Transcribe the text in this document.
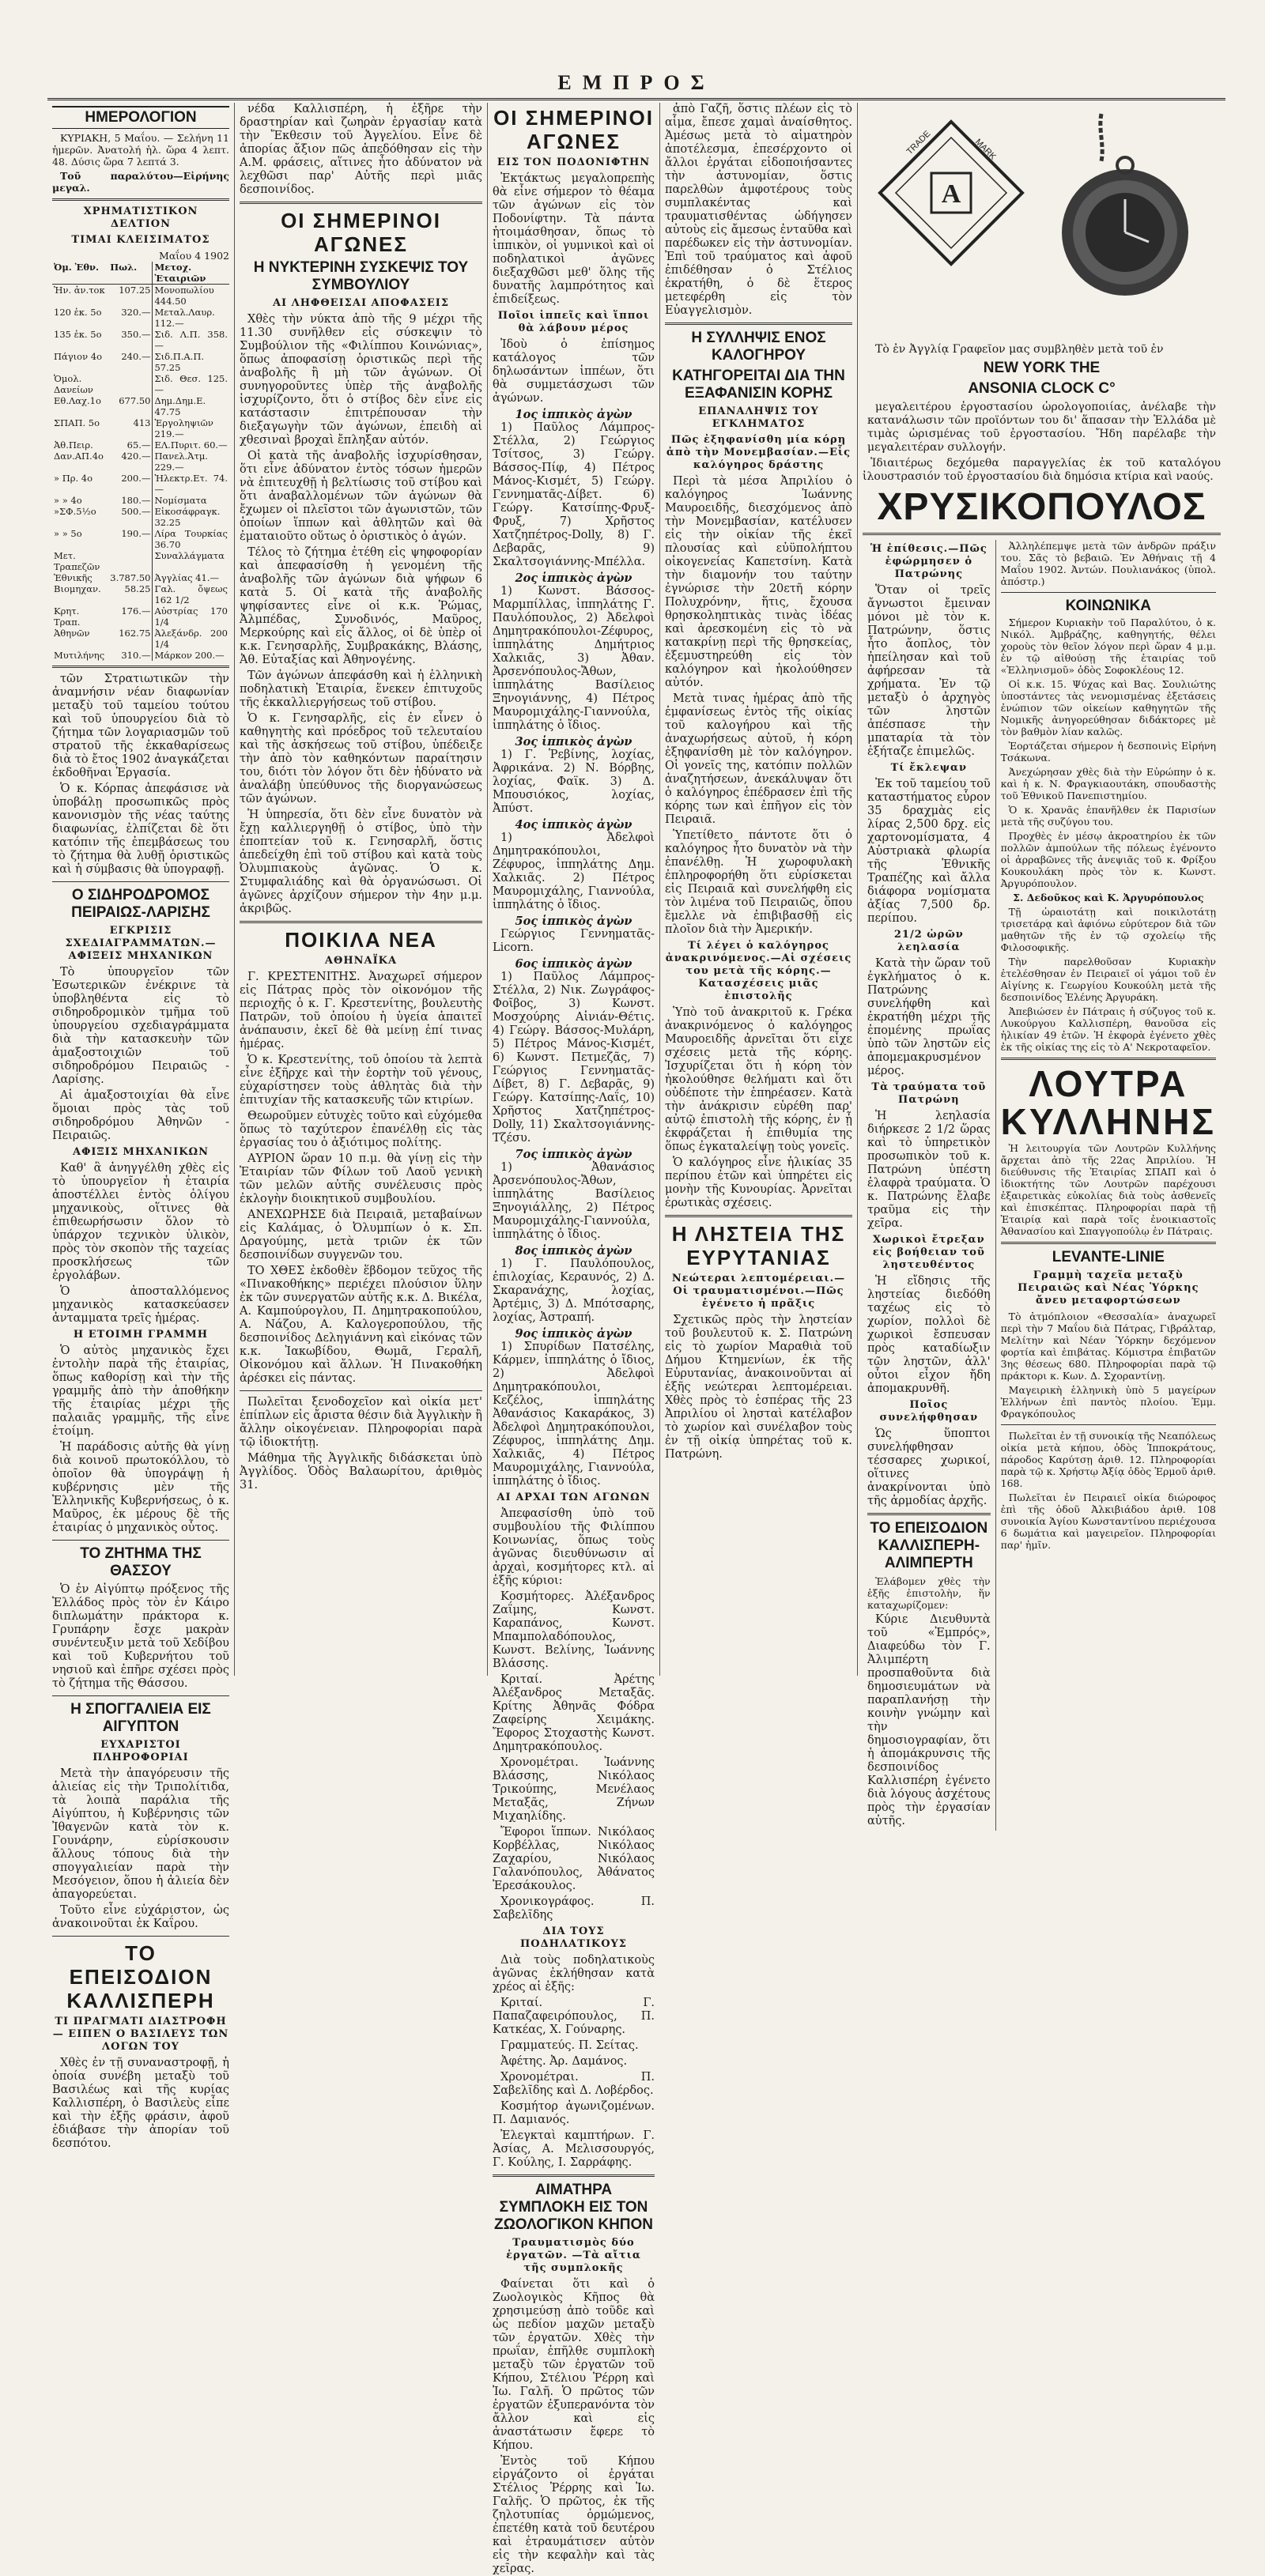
ΕΜΠΡΟΣ
ΗΜΕΡΟΛΟΓΙΟΝ

ΚΥΡΙΑΚΗ, 5 Μαΐου. — Σελήνη 11 ἡμερῶν. Ἀνατολή ἡλ. ὥρα 4 λεπτ. 48. Δύσις ὥρα 7 λεπτά 3.

Τοῦ παραλύτου—Εἰρήνης μεγαλ.

ΧΡΗΜΑΤΙΣΤΙΚΟΝ ΔΕΛΤΙΟΝ
ΤΙΜΑΙ ΚΛΕΙΣΙΜΑΤΟΣ
Μαΐου 4 1902
Ὀμ. Ἐθν.	Πωλ.	Μετοχ. Ἐταιριῶν
Ἠν. ἀν.τοκ	107.25	Μονοπωλίου 444.50
120 ἐκ. 5ο	320.—	Μεταλ.Λαυρ. 112.—
135 ἐκ. 5ο	350.—	Σιδ. Λ.Π. 358.—
Πάγιον 4ο	240.—	Σιδ.Π.Α.Π. 57.25
Ὁμολ. Δανείων		Σιδ. Θεσ. 125.—
Εθ.Λαχ.1ο	677.50	Δημ.Δημ.Ε. 47.75
ΣΠΑΠ. 5ο	413	Ἐργοληψιῶν 219.—
Ἀθ.Πειρ.	65.—	ΕΛ.Πυριτ. 60.—
Δαν.ΑΠ.4ο	420.—	Πανελ.Ἀτμ. 229.—
» Πρ. 4ο	200.—	Ἠλεκτρ.Ετ. 74.—
» » 4ο	180.—	Νομίσματα
»ΣΦ.5½ο	500.—	Εἰκοσάφραγκ. 32.25
» » 5ο	190.—	Λίρα Τουρκίας 36.70
Μετ. Τραπεζῶν		Συναλλάγματα
Ἐθνικῆς	3.787.50	Ἀγγλίας 41.—
Βιομηχαν.	58.25	Γαλ. ὄψεως 162 1/2
Κρητ. Τραπ.	176.—	Αὐστρίας 170 1/4
Ἀθηνῶν	162.75	Ἀλεξάνδρ. 200 1/4
Μυτιλήνης	310.—	Μάρκον 200.—

τῶν Στρατιωτικῶν τὴν ἀναμνήσιν νέαν διαφωνίαν μεταξὺ τοῦ ταμείου τούτου καὶ τοῦ ὑπουργείου διὰ τὸ ζήτημα τῶν λογαριασμῶν τοῦ στρατοῦ τῆς ἐκκαθαρίσεως διὰ τὸ ἔτος 1902 ἀναγκάζεται ἐκδοθῆναι Ἐργασία.

Ὁ κ. Κόρπας ἀπεφάσισε νὰ ὑποβάλῃ προσωπικῶς πρὸς κανονισμὸν τῆς νέας ταύτης διαφωνίας, ἐλπίζεται δὲ ὅτι κατόπιν τῆς ἐπεμβάσεως του τὸ ζήτημα θὰ λυθῇ ὁριστικῶς καὶ ἡ σύμβασις θὰ ὑπογραφῇ.

Ο ΣΙΔΗΡΟΔΡΟΜΟΣ ΠΕΙΡΑΙΩΣ-ΛΑΡΙΣΗΣ
ΕΓΚΡΙΣΙΣ ΣΧΕΔΙΑΓΡΑΜΜΑΤΩΝ.—ΑΦΙΞΕΙΣ ΜΗΧΑΝΙΚΩΝ

Τὸ ὑπουργεῖον τῶν Ἐσωτερικῶν ἐνέκρινε τὰ ὑποβληθέντα εἰς τὸ σιδηροδρομικὸν τμῆμα τοῦ ὑπουργείου σχεδιαγράμματα διὰ τὴν κατασκευὴν τῶν ἀμαξοστοιχιῶν τοῦ σιδηροδρόμου Πειραιῶς - Λαρίσης.

Αἱ ἁμαξοστοιχίαι θὰ εἶνε ὅμοιαι πρὸς τὰς τοῦ σιδηροδρόμου Ἀθηνῶν - Πειραιῶς.

ΑΦΙΞΙΣ ΜΗΧΑΝΙΚΩΝ

Καθ' ἃ ἀνηγγέλθη χθὲς εἰς τὸ ὑπουργεῖον ἡ ἑταιρία ἀποστέλλει ἐντὸς ὀλίγου μηχανικοὺς, οἵτινες θὰ ἐπιθεωρήσωσιν ὅλον τὸ ὑπάρχον τεχνικὸν ὑλικὸν, πρὸς τὸν σκοπὸν τῆς ταχείας προσκλήσεως τῶν ἐργολάβων.

Ὁ ἀποσταλλόμενος μηχανικὸς κατασκεύασεν ἀνταμματα τρεῖς ἡμέρας.

Η ΕΤΟΙΜΗ ΓΡΑΜΜΗ

Ὁ αὐτὸς μηχανικὸς ἔχει ἐντολὴν παρὰ τῆς ἐταιρίας, ὅπως καθορίσῃ καὶ τὴν τῆς γραμμῆς ἀπὸ τὴν ἀποθήκην τῆς ἐταιρίας μέχρι τῆς παλαιᾶς γραμμῆς, τῆς εἶνε ἑτοίμη.

Ἡ παράδοσις αὐτῆς θὰ γίνῃ διὰ κοινοῦ πρωτοκόλλου, τὸ ὁποῖον θὰ ὑπογράψῃ ἡ κυβέρνησις μὲν τῆς Ἑλληνικῆς Κυβερνήσεως, ὁ κ. Μαῦρος, ἐκ μέρους δὲ τῆς ἑταιρίας ὁ μηχανικὸς οὗτος.

ΤΟ ΖΗΤΗΜΑ ΤΗΣ ΘΑΣΣΟΥ

Ὁ ἐν Αἰγύπτῳ πρόξενος τῆς Ἑλλάδος πρὸς τὸν ἐν Κάιρο διπλωμάτην πράκτορα κ. Γρυπάρην ἔσχε μακρὰν συνέντευξιν μετὰ τοῦ Χεδίβου καὶ τοῦ Κυβερνήτου τοῦ νησιοῦ καὶ ἐπῆρε σχέσει πρὸς τὸ ζήτημα τῆς Θάσσου.

Η ΣΠΟΓΓΑΛΙΕΙΑ ΕΙΣ ΑΙΓΥΠΤΟΝ
ΕΥΧΑΡΙΣΤΟΙ ΠΛΗΡΟΦΟΡΙΑΙ

Μετὰ τὴν ἀπαγόρευσιν τῆς ἁλιείας εἰς τὴν Τριπολίτιδα, τὰ λοιπὰ παράλια τῆς Αἰγύπτου, ἡ Κυβέρνησις τῶν Ἰθαγενῶν κατὰ τὸν κ. Γουνάρην, εὑρίσκουσιν ἄλλους τόπους διὰ τὴν σπογγαλιείαν παρὰ τὴν Μεσόγειον, ὅπου ἡ ἁλιεία δὲν ἀπαγορεύεται.

Τοῦτο εἶνε εὐχάριστον, ὡς ἀνακοινοῦται ἐκ Καΐρου.

ΤΟ ΕΠΕΙΣΟΔΙΟΝ ΚΑΛΛΙΣΠΕΡΗ
ΤΙ ΠΡΑΓΜΑΤΙ ΔΙΑΣΤΡΟΦΗ — ΕΙΠΕΝ Ο ΒΑΣΙΛΕΥΣ ΤΩΝ ΛΟΓΩΝ ΤΟΥ

Χθὲς ἐν τῇ συναναστροφῇ, ἡ ὁποία συνέβη μεταξὺ τοῦ Βασιλέως καὶ τῆς κυρίας Καλλισπέρη, ὁ Βασιλεὺς εἶπε καὶ τὴν ἐξῆς φράσιν, ἀφοῦ ἐδιάβασε τὴν ἀπορίαν τοῦ δεσπότου.

νέδα Καλλισπέρη, ἡ ἐξῆρε τὴν δραστηρίαν καὶ ζωηρὰν ἐργασίαν κατὰ τὴν Ἔκθεσιν τοῦ Ἀγγελίου. Εἶνε δὲ ἀπορίας ἄξιον πῶς ἀπεδόθησαν εἰς τὴν Α.Μ. φράσεις, αἵτινες ἦτο ἀδύνατον νὰ λεχθῶσι παρ' Αὐτῆς περὶ μιᾶς δεσποινίδος.

ΟΙ ΣΗΜΕΡΙΝΟΙ ΑΓΩΝΕΣ
Η ΝΥΚΤΕΡΙΝΗ ΣΥΣΚΕΨΙΣ ΤΟΥ ΣΥΜΒΟΥΛΙΟΥ
ΑΙ ΛΗΦΘΕΙΣΑΙ ΑΠΟΦΑΣΕΙΣ

Χθὲς τὴν νύκτα ἀπὸ τῆς 9 μέχρι τῆς 11.30 συνῆλθεν εἰς σύσκεψιν τὸ Συμβούλιον τῆς «Φιλίππου Κοινώνιας», ὅπως ἀποφασίσῃ ὁριστικῶς περὶ τῆς ἀναβολῆς ἢ μὴ τῶν ἀγώνων. Οἱ συνηγοροῦντες ὑπὲρ τῆς ἀναβολῆς ἰσχυρίζοντο, ὅτι ὁ στίβος δὲν εἶνε εἰς κατάστασιν ἐπιτρέπουσαν τὴν διεξαγωγὴν τῶν ἀγώνων, ἐπειδὴ αἱ χθεσιναὶ βροχαὶ ἔπληξαν αὐτόν.

Οἱ κατὰ τῆς ἀναβολῆς ἰσχυρίσθησαν, ὅτι εἶνε ἀδύνατον ἐντὸς τόσων ἡμερῶν νὰ ἐπιτευχθῇ ἡ βελτίωσις τοῦ στίβου καὶ ὅτι ἀναβαλλομένων τῶν ἀγώνων θὰ ἔχωμεν οἱ πλεῖστοι τῶν ἀγωνιστῶν, τῶν ὁποίων ἵππων καὶ ἀθλητῶν καὶ θὰ ἐματαιοῦτο οὕτως ὁ ὁριστικὸς ὁ ἀγών.

Τέλος τὸ ζήτημα ἐτέθη εἰς ψηφοφορίαν καὶ ἀπεφασίσθη ἡ γενομένη τῆς ἀναβολῆς τῶν ἀγώνων διὰ ψήφων 6 κατὰ 5. Οἱ κατὰ τῆς ἀναβολῆς ψηφίσαντες εἶνε οἱ κ.κ. Ῥώμας, Ἀλμπέδας, Συνοδινός, Μαῦρος, Μερκούρης καὶ εἷς ἄλλος, οἱ δὲ ὑπὲρ οἱ κ.κ. Γενησαρλῆς, Συμβρακάκης, Βλάσης, Ἀθ. Εὐταξίας καὶ Ἀθηνογένης.

Τῶν ἀγώνων ἀπεφάσθη καὶ ἡ ἑλληνικὴ ποδηλατικὴ Ἑταιρία, ἕνεκεν ἐπιτυχοῦς τῆς ἐκκαλλιεργήσεως τοῦ στίβου.

Ὁ κ. Γενησαρλῆς, εἰς ἐν εἶνεν ὁ καθηγητὴς καὶ πρόεδρος τοῦ τελευταίου καὶ τῆς ἀσκήσεως τοῦ στίβου, ὑπέδειξε τὴν ἀπὸ τὸν καθηκόντων παραίτησιν του, διότι τὸν λόγον ὅτι δὲν ἠδύνατο νὰ ἀναλάβῃ ὑπεύθυνος τῆς διοργανώσεως τῶν ἀγώνων.

Ἡ ὑπηρεσία, ὅτι δὲν εἶνε δυνατὸν νὰ ἔχῃ καλλιεργηθῇ ὁ στίβος, ὑπὸ τὴν ἐποπτείαν τοῦ κ. Γενησαρλῆ, ὅστις ἀπεδείχθη ἐπὶ τοῦ στίβου καὶ κατὰ τοὺς Ὀλυμπιακοὺς ἀγῶνας. Ὁ κ. Στυμφαλιάδης καὶ θὰ ὀργανώσωσι. Οἱ ἀγῶνες ἀρχίζουν σήμερον τὴν 4ην μ.μ. ἀκριβῶς.

ΠΟΙΚΙΛΑ ΝΕΑ
ΑΘΗΝΑΪΚΑ

Γ. ΚΡΕΣΤΕΝΙΤΗΣ. Ἀναχωρεῖ σήμερον εἰς Πάτρας πρὸς τὸν οἰκονόμον τῆς περιοχῆς ὁ κ. Γ. Κρεστενίτης, βουλευτὴς Πατρῶν, τοῦ ὁποίου ἡ ὑγεία ἀπαιτεῖ ἀνάπαυσιν, ἐκεῖ δὲ θὰ μείνῃ ἐπί τινας ἡμέρας.

Ὁ κ. Κρεστενίτης, τοῦ ὁποίου τὰ λεπτὰ εἶνε ἐξῆρχε καὶ τὴν ἑορτὴν τοῦ γένους, εὐχαρίστησεν τοὺς ἀθλητὰς διὰ τὴν ἐπιτυχίαν τῆς κατασκευῆς τῶν κτιρίων.

Θεωροῦμεν εὐτυχὲς τοῦτο καὶ εὐχόμεθα ὅπως τὸ ταχύτερον ἐπανέλθῃ εἰς τὰς ἐργασίας του ὁ ἀξιότιμος πολίτης.

ΑΥΡΙΟΝ ὥραν 10 π.μ. θὰ γίνῃ εἰς τὴν Ἑταιρίαν τῶν Φίλων τοῦ Λαοῦ γενικὴ τῶν μελῶν αὐτῆς συνέλευσις πρὸς ἐκλογὴν διοικητικοῦ συμβουλίου.

ΑΝΕΧΩΡΗΣΕ διὰ Πειραιᾶ, μεταβαίνων εἰς Καλάμας, ὁ Ὀλυμπίων ὁ κ. Σπ. Δραγούμης, μετὰ τριῶν ἐκ τῶν δεσποινίδων συγγενῶν του.

ΤΟ ΧΘΕΣ ἐκδοθὲν ἕβδομον τεῦχος τῆς «Πινακοθήκης» περιέχει πλούσιον ὕλην ἐκ τῶν συνεργατῶν αὐτῆς κ.κ. Δ. Βικέλα, Α. Καμπούρογλου, Π. Δημητρακοπούλου, Α. Νάζου, Α. Καλογεροπούλου, τῆς δεσποινίδος Δεληγιάννη καὶ εἰκόνας τῶν κ.κ. Ἰακωβίδου, Θωμᾶ, Γεραλῆ, Οἰκονόμου καὶ ἄλλων. Ἡ Πινακοθήκη ἀρέσκει εἰς πάντας.

Πωλεῖται ξενοδοχεῖον καὶ οἰκία μετ' ἐπίπλων εἰς ἄριστα θέσιν διὰ Ἀγγλικὴν ἢ ἄλλην οἰκογένειαν. Πληροφορίαι παρὰ τῷ ἰδιοκτήτῃ.

Μάθημα τῆς Ἀγγλικῆς διδάσκεται ὑπὸ Ἀγγλίδος. Ὁδὸς Βαλαωρίτου, ἀριθμὸς 31.

ΟΙ ΣΗΜΕΡΙΝΟΙ ΑΓΩΝΕΣ
ΕΙΣ ΤΟΝ ΠΟΔΟΝΙΦΤΗΝ

Ἐκτάκτως μεγαλοπρεπὴς θὰ εἶνε σήμερον τὸ θέαμα τῶν ἀγώνων εἰς τὸν Ποδονίφτην. Τὰ πάντα ἡτοιμάσθησαν, ὅπως τὸ ἱππικὸν, οἱ γυμνικοὶ καὶ οἱ ποδηλατικοὶ ἀγῶνες διεξαχθῶσι μεθ' ὅλης τῆς δυνατῆς λαμπρότητος καὶ ἐπιδείξεως.

Ποῖοι ἱππεῖς καὶ ἵπποι θὰ λάβουν μέρος

Ἰδοὺ ὁ ἐπίσημος κατάλογος τῶν δηλωσάντων ἱππέων, ὅτι θὰ συμμετάσχωσι τῶν ἀγώνων.

1ος ἱππικὸς ἀγὼν

1) Παῦλος Λάμπρος-Στέλλα, 2) Γεώργιος Τσίτσος, 3) Γεώργ. Βάσσος-Πίφ, 4) Πέτρος Μάνος-Κισμέτ, 5) Γεώργ. Γεννηματᾶς-Δίβετ. 6) Γεώργ. Κατσίπης-Φρυξ-Φρυξ, 7) Χρῆστος Χατζηπέτρος-Dolly, 8) Γ. Δεβαρᾶς, 9) Σκαλτσογιάννης-Μπέλλα.

2ος ἱππικὸς ἀγὼν

1) Κωνστ. Βάσσος-Μαρμπίλλας, ἱππηλάτης Γ. Παυλόπουλος, 2) Ἀδελφοὶ Δημητρακόπουλοι-Ζέφυρος, ἱππηλάτης Δημήτριος Χαλκιᾶς, 3) Ἀθαν. Ἀρσενόπουλος-Ἄθων, ἱππηλάτης Βασίλειος Ξηνογιάννης, 4) Πέτρος Μαυρομιχάλης-Γιαννούλα, ἱππηλάτης ὁ ἴδιος.

3ος ἱππικὸς ἀγὼν

1) Γ. Ῥεβίνης, λοχίας, Ἀφρικάνα. 2) Ν. Βόρβης, λοχίας, Φαϊκ. 3) Δ. Μπουσιόκος, λοχίας, Ἀπύστ.

4ος ἱππικὸς ἀγὼν

1) Ἀδελφοὶ Δημητρακόπουλοι, Ζέφυρος, ἱππηλάτης Δημ. Χαλκιᾶς. 2) Πέτρος Μαυρομιχάλης, Γιαννούλα, ἱππηλάτης ὁ ἴδιος.

5ος ἱππικὸς ἀγὼν

Γεώργιος Γεννηματᾶς-Licorn.

6ος ἱππικὸς ἀγὼν

1) Παῦλος Λάμπρος-Στέλλα, 2) Νικ. Ζωγράφος-Φοῖβος, 3) Κωνστ. Μοσχούρης Αἰνιάν-Θέτις. 4) Γεώργ. Βάσσος-Μυλάρη, 5) Πέτρος Μάνος-Κισμέτ, 6) Κωνστ. Πετμεζᾶς, 7) Γεώργιος Γεννηματᾶς-Δίβετ, 8) Γ. Δεβαρᾶς, 9) Γεώργ. Κατσίπης-Λαΐς, 10) Χρῆστος Χατζηπέτρος-Dolly, 11) Σκαλτσογιάννης-Τζέσυ.

7ος ἱππικὸς ἀγὼν

1) Ἀθανάσιος Ἀρσενόπουλος-Ἄθων, ἱππηλάτης Βασίλειος Ξηνογιάλλης, 2) Πέτρος Μαυρομιχάλης-Γιαννούλα, ἱππηλάτης ὁ ἴδιος.

8ος ἱππικὸς ἀγὼν

1) Γ. Παυλόπουλος, ἐπιλοχίας, Κεραυνός, 2) Δ. Σκαρανάχης, λοχίας, Ἀρτέμις, 3) Δ. Μπότσαρης, λοχίας, Ἀστραπή.

9ος ἱππικὸς ἀγὼν

1) Σπυρίδων Πατσέλης, Κάρμεν, ἱππηλάτης ὁ ἴδιος, 2) Ἀδελφοὶ Δημητρακόπουλοι, Κεζέλος, ἱππηλάτης Ἀθανάσιος Κακαράκος, 3) Ἀδελφοὶ Δημητρακόπουλοι, Ζέφυρος, ἱππηλάτης Δημ. Χαλκιᾶς, 4) Πέτρος Μαυρομιχάλης, Γιαννούλα, ἱππηλάτης ὁ ἴδιος.

ΑΙ ΑΡΧΑΙ ΤΩΝ ΑΓΩΝΩΝ

Ἀπεφασίσθη ὑπὸ τοῦ συμβουλίου τῆς Φιλίππου Κοινωνίας, ὅπως τοὺς ἀγῶνας διευθύνωσιν αἱ ἀρχαὶ, κοσμήτορες κτλ. αἱ ἑξῆς κύριοι:

Κοσμήτορες. Ἀλέξανδρος Ζαΐμης, Κωνστ. Καραπάνος, Κωνστ. Μπαμπολαδόπουλος, Κωνστ. Βελίνης, Ἰωάννης Βλάσσης.

Κριταί. Ἀρέτης Ἀλέξανδρος Μεταξᾶς. Κρίτης Ἀθηνᾶς Φόδρα Ζαφείρης Χειμάκης. Ἔφορος Στοχαστὴς Κωνστ. Δημητρακόπουλος.

Χρονομέτραι. Ἰωάννης Βλάσσης, Νικόλαος Τρικούπης, Μενέλαος Μεταξᾶς, Ζήνων Μιχαηλίδης.

Ἔφοροι ἵππων. Νικόλαος Κορβέλλας, Νικόλαος Ζαχαρίου, Νικόλαος Γαλανόπουλος, Ἀθάνατος Ἐρεσάκουλος.

Χρονικογράφος. Π. Σαβελῖδης

ΔΙΑ ΤΟΥΣ ΠΟΔΗΛΑΤΙΚΟΥΣ

Διὰ τοὺς ποδηλατικοὺς ἀγῶνας ἐκλήθησαν κατὰ χρέος αἱ ἑξῆς:

Κριταί. Γ. Παπαζαφειρόπουλος, Π. Κατκέας, Χ. Γούναρης.

Γραμματεύς. Π. Σείτας.

Ἀφέτης. Ἀρ. Δαμάνος.

Χρονομέτραι. Π. Σαβελῖδης καὶ Δ. Λοβέρδος.

Κοσμήτορ ἀγωνιζομένων. Π. Δαμιανός.

Ἐλεγκταὶ καμπτήρων. Γ. Ἀσίας, Α. Μελισσουργός, Γ. Κούλης, Ι. Σαρράφης.

ΑΙΜΑΤΗΡΑ ΣΥΜΠΛΟΚΗ ΕΙΣ ΤΟΝ ΖΩΟΛΟΓΙΚΟΝ ΚΗΠΟΝ
Τραυματισμὸς δύο ἐργατῶν. —Τὰ αἴτια τῆς συμπλοκῆς

Φαίνεται ὅτι καὶ ὁ Ζωολογικὸς Κῆπος θὰ χρησιμεύσῃ ἀπὸ τοῦδε καὶ ὡς πεδίον μαχῶν μεταξὺ τῶν ἐργατῶν. Χθὲς τὴν πρωΐαν, ἐπῆλθε συμπλοκὴ μεταξὺ τῶν ἐργατῶν τοῦ Κήπου, Στέλιου Ῥέρρη καὶ Ἰω. Γαλῆ. Ὁ πρῶτος τῶν ἐργατῶν ἐξυπερανόντα τὸν ἄλλον καὶ εἰς ἀναστάτωσιν ἔφερε τὸ Κήπου.

Ἐντὸς τοῦ Κήπου εἰργάζοντο οἱ ἐργάται Στέλιος Ῥέρρης καὶ Ἰω. Γαλῆς. Ὁ πρῶτος, ἐκ τῆς ζηλοτυπίας ὁρμώμενος, ἐπετέθη κατὰ τοῦ δευτέρου καὶ ἐτραυμάτισεν αὐτὸν εἰς τὴν κεφαλὴν καὶ τὰς χεῖρας.

ἀπὸ Γαζῆ, ὅστις πλέων εἰς τὸ αἷμα, ἔπεσε χαμαὶ ἀναίσθητος. Ἀμέσως μετὰ τὸ αἱματηρὸν ἀποτέλεσμα, ἐπεσέρχοντο οἱ ἄλλοι ἐργάται εἰδοποιήσαντες τὴν ἀστυνομίαν, ὅστις παρελθὼν ἀμφοτέρους τοὺς συμπλακέντας καὶ τραυματισθέντας ὡδήγησεν αὐτοὺς εἰς ἄμεσως ἐνταῦθα καὶ παρέδωκεν εἰς τὴν ἀστυνομίαν. Ἐπὶ τοῦ τραύματος καὶ ἀφοῦ ἐπιδέθησαν ὁ Στέλιος ἐκρατήθη, ὁ δὲ ἕτερος μετεφέρθη εἰς τὸν Εὐαγγελισμὸν.

Η ΣΥΛΛΗΨΙΣ ΕΝΟΣ ΚΑΛΟΓΗΡΟΥ
ΚΑΤΗΓΟΡΕΙΤΑΙ ΔΙΑ ΤΗΝ ΕΞΑΦΑΝΙΣΙΝ ΚΟΡΗΣ
ΕΠΑΝΑΛΗΨΙΣ ΤΟΥ ΕΓΚΛΗΜΑΤΟΣ
Πῶς ἐξηφανίσθη μία κόρη ἀπὸ τὴν Μονεμβασίαν.—Εἷς καλόγηρος δράστης

Περὶ τὰ μέσα Ἀπριλίου ὁ καλόγηρος Ἰωάννης Μαυροειδῆς, διεσχόμενος ἀπὸ τὴν Μονεμβασίαν, κατέλυσεν εἰς τὴν οἰκίαν τῆς ἐκεῖ πλουσίας καὶ εὐϋπολήπτου οἰκογενείας Καπετσίνη. Κατὰ τὴν διαμονήν του ταύτην ἐγνώρισε τὴν 20ετῆ κόρην Πολυχρόνην, ἥτις, ἔχουσα θρησκοληπτικὰς τινὰς ἰδέας καὶ ἀρεσκομένη εἰς τὸ νὰ κατακρίνῃ περὶ τῆς θρησκείας, ἐξεμυστηρεύθη εἰς τὸν καλόγηρον καὶ ἠκολούθησεν αὐτόν.

Μετὰ τινας ἡμέρας ἀπὸ τῆς ἐμφανίσεως ἐντὸς τῆς οἰκίας τοῦ καλογήρου καὶ τῆς ἀναχωρήσεως αὐτοῦ, ἡ κόρη ἐξηφανίσθη μὲ τὸν καλόγηρον. Οἱ γονεῖς της, κατόπιν πολλῶν ἀναζητήσεων, ἀνεκάλυψαν ὅτι ὁ καλόγηρος ἐπέδρασεν ἐπὶ τῆς κόρης των καὶ ἐπῆγον εἰς τὸν Πειραιᾶ.

Ὑπετίθετο πάντοτε ὅτι ὁ καλόγηρος ἦτο δυνατὸν νὰ τὴν ἐπανέλθῃ. Ἡ χωροφυλακὴ ἐπληροφορήθη ὅτι εὑρίσκεται εἰς Πειραιᾶ καὶ συνελήφθη εἰς τὸν λιμένα τοῦ Πειραιῶς, ὅπου ἔμελλε νὰ ἐπιβιβασθῇ εἰς πλοῖον διὰ τὴν Ἀμερικήν.

Τί λέγει ὁ καλόγηρος ἀνακρινόμενος.—Αἱ σχέσεις του μετὰ τῆς κόρης.—Κατασχέσεις μιᾶς ἐπιστολῆς

Ὑπὸ τοῦ ἀνακριτοῦ κ. Γρέκα ἀνακρινόμενος ὁ καλόγηρος Μαυροειδῆς ἀρνεῖται ὅτι εἶχε σχέσεις μετὰ τῆς κόρης. Ἰσχυρίζεται ὅτι ἡ κόρη τὸν ἠκολούθησε θελήματι καὶ ὅτι οὐδέποτε τὴν ἐπηρέασεν. Κατὰ τὴν ἀνάκρισιν εὑρέθη παρ' αὐτῷ ἐπιστολὴ τῆς κόρης, ἐν ᾗ ἐκφράζεται ἡ ἐπιθυμία της ὅπως ἐγκαταλείψῃ τοὺς γονεῖς.

Ὁ καλόγηρος εἶνε ἡλικίας 35 περίπου ἐτῶν καὶ ὑπηρέτει εἰς μονὴν τῆς Κυνουρίας. Ἀρνεῖται ἐρωτικὰς σχέσεις.

Η ΛΗΣΤΕΙΑ ΤΗΣ ΕΥΡΥΤΑΝΙΑΣ
Νεώτεραι λεπτομέρειαι.—Οἱ τραυματισμένοι.—Πῶς ἐγένετο ἡ πρᾶξις

Σχετικῶς πρὸς τὴν ληστείαν τοῦ βουλευτοῦ κ. Σ. Πατρώνη εἰς τὸ χωρίον Μαραθιὰ τοῦ Δήμου Κτημενίων, ἐκ τῆς Εὐρυτανίας, ἀνακοινοῦνται αἱ ἑξῆς νεώτεραι λεπτομέρειαι. Χθὲς πρὸς τὸ ἑσπέρας τῆς 23 Ἀπριλίου οἱ λησταὶ κατέλαβον τὸ χωρίον καὶ συνέλαβον τοὺς ἐν τῇ οἰκίᾳ ὑπηρέτας τοῦ κ. Πατρώνη.

A
TRADE	MARK

Τὸ ἐν Ἀγγλίᾳ Γραφεῖον μας συμβληθὲν μετὰ τοῦ ἐν

NEW YORK THE
ANSONIA CLOCK C°

μεγαλειτέρου ἐργοστασίου ὡρολογοποιίας, ἀνέλαβε τὴν κατανάλωσιν τῶν προϊόντων του δι' ἅπασαν τὴν Ἑλλάδα μὲ τιμὰς ὡρισμένας τοῦ ἐργοστασίου. Ἤδη παρέλαβε τὴν μεγαλειτέραν συλλογήν.

Ἰδιαιτέρως δεχόμεθα παραγγελίας ἐκ τοῦ καταλόγου ἰλουστρασιόν τοῦ ἐργοστασίου διὰ δημόσια κτίρια καὶ ναούς.

ΧΡΥΣΙΚΟΠΟΥΛΟΣ
Ἡ ἐπίθεσις.—Πῶς ἐφώρμησεν ὁ Πατρώνης

Ὅταν οἱ τρεῖς ἄγνωστοι ἔμειναν μόνοι μὲ τὸν κ. Πατρώνην, ὅστις ἦτο ἄοπλος, τὸν ἠπείλησαν καὶ τοῦ ἀφήρεσαν τὰ χρήματα. Ἐν τῷ μεταξὺ ὁ ἀρχηγὸς τῶν ληστῶν ἀπέσπασε τὴν μπαταρία τὰ τὸν ἐξήταζε ἐπιμελῶς.

Τί ἔκλεψαν

Ἐκ τοῦ ταμείου τοῦ καταστήματος εὗρον 35 δραχμὰς εἰς λίρας 2,500 δρχ. εἰς χαρτονομίσματα, 4 Αὐστριακὰ φλωρία τῆς Ἐθνικῆς Τραπέζης καὶ ἄλλα διάφορα νομίσματα ἀξίας 7,500 δρ. περίπου.

21/2 ὡρῶν λεηλασία

Κατὰ τὴν ὥραν τοῦ ἐγκλήματος ὁ κ. Πατρώνης συνελήφθη καὶ ἐκρατήθη μέχρι τῆς ἐπομένης πρωΐας ὑπὸ τῶν ληστῶν εἰς ἀπομεμακρυσμένον μέρος.

Τὰ τραύματα τοῦ Πατρώνη

Ἡ λεηλασία διήρκεσε 2 1/2 ὥρας καὶ τὸ ὑπηρετικὸν προσωπικὸν τοῦ κ. Πατρώνη ὑπέστη ἐλαφρὰ τραύματα. Ὁ κ. Πατρώνης ἔλαβε τραῦμα εἰς τὴν χεῖρα.

Χωρικοὶ ἔτρεξαν εἰς βοήθειαν τοῦ ληστευθέντος

Ἡ εἴδησις τῆς ληστείας διεδόθη ταχέως εἰς τὸ χωρίον, πολλοὶ δὲ χωρικοὶ ἔσπευσαν πρὸς καταδίωξιν τῶν ληστῶν, ἀλλ' οὗτοι εἶχον ἤδη ἀπομακρυνθῆ.

Ποῖος συνελήφθησαν

Ὡς ὕποπτοι συνελήφθησαν τέσσαρες χωρικοί, οἵτινες ἀνακρίνονται ὑπὸ τῆς ἀρμοδίας ἀρχῆς.

ΤΟ ΕΠΕΙΣΟΔΙΟΝ ΚΑΛΛΙΣΠΕΡΗ-ΑΛΙΜΠΕΡΤΗ

Ἐλάβομεν χθὲς τὴν ἑξῆς ἐπιστολὴν, ἥν καταχωρίζομεν:

Κύριε Διευθυντὰ τοῦ «Ἐμπρός», Διαφεύδω τὸν Γ. Ἀλιμπέρτη προσπαθοῦντα διὰ δημοσιευμάτων νὰ παραπλανήσῃ τὴν κοινὴν γνώμην καὶ τὴν δημοσιογραφίαν, ὅτι ἡ ἀπομάκρυνσις τῆς δεσποινίδος Καλλισπέρη ἐγένετο διὰ λόγους ἀσχέτους πρὸς τὴν ἐργασίαν αὐτῆς.

Ἀλληλέπεμψε μετὰ τῶν ἀνδρῶν πράξιν του. Σᾶς τὸ βεβαιῶ. Ἐν Ἀθήναις τῇ 4 Μαΐου 1902. Ἀντών. Πουλιανάκος (ὑπολ. ἀπόστρ.)

ΚΟΙΝΩΝΙΚΑ

Σήμερον Κυριακὴν τοῦ Παραλύτου, ὁ κ. Νικόλ. Ἀμβράζης, καθηγητής, θέλει χοροὺς τὸν θεῖον λόγον περὶ ὥραν 4 μ.μ. ἐν τῷ αἰθούσῃ τῆς ἑταιρίας τοῦ «Ἑλληνισμοῦ» ὁδὸς Σοφοκλέους 12.

Οἱ κ.κ. 15. Ψύχας καὶ Βας. Σουλιώτης ὑποστάντες τὰς νενομισμένας ἐξετάσεις ἐνώπιον τῶν οἰκείων καθηγητῶν τῆς Νομικῆς ἀνηγορεύθησαν διδάκτορες μὲ τὸν βαθμὸν λίαν καλῶς.

Ἑορτάζεται σήμερον ἡ δεσποινὶς Εἰρήνη Τσάκωνα.

Ἀνεχώρησαν χθὲς διὰ τὴν Εὐρώπην ὁ κ. καὶ ἡ κ. Ν. Φραγκιαουτάκη, σπουδαστὴς τοῦ Ἐθνικοῦ Πανεπιστημίου.

Ὁ κ. Χρανᾶς ἐπανῆλθεν ἐκ Παρισίων μετὰ τῆς συζύγου του.

Προχθὲς ἐν μέσῳ ἀκροατηρίου ἐκ τῶν πολλῶν ἀμπούλων τῆς πόλεως ἐγένοντο οἱ ἀρραβῶνες τῆς ἀνεψιᾶς τοῦ κ. Φρίξου Κουκουλάκη πρὸς τὸν κ. Κωνστ. Ἀργυρόπουλον.

Σ. Δεδοῦκος καὶ Κ. Ἀργυρόπουλος

Τῇ ὡραιοτάτῃ καὶ ποικιλοτάτῃ τρισετάρᾳ καὶ ἀφιόνω εὐρύτερον διὰ τῶν μαθητῶν τῆς ἐν τῷ σχολείῳ τῆς Φιλοσοφικῆς.

Τὴν παρελθοῦσαν Κυριακὴν ἐτελέσθησαν ἐν Πειραιεῖ οἱ γάμοι τοῦ ἐν Αἰγίνης κ. Γεωργίου Κουκούλη μετὰ τῆς δεσποινίδος Ἐλένης Ἀργυράκη.

Ἀπεβιώσεν ἐν Πάτραις ἡ σύζυγος τοῦ κ. Λυκούργου Καλλισπέρη, θανοῦσα εἰς ἡλικίαν 49 ἐτῶν. Ἡ ἐκφορὰ ἐγένετο χθὲς ἐκ τῆς οἰκίας της εἰς τὸ Α' Νεκροταφεῖον.

ΛΟΥΤΡΑ ΚΥΛΛΗΝΗΣ

Ἡ λειτουργία τῶν Λουτρῶν Κυλλήνης ἄρχεται ἀπὸ τῆς 22ας Ἀπριλίου. Ἡ διεύθυνσις τῆς Ἑταιρίας ΣΠΑΠ καὶ ὁ ἰδιοκτήτης τῶν Λουτρῶν παρέχουσι ἐξαιρετικὰς εὐκολίας διὰ τοὺς ἀσθενεῖς καὶ ἐπισκέπτας. Πληροφορίαι παρὰ τῇ Ἑταιρίᾳ καὶ παρὰ τοῖς ἐνοικιαστοῖς Ἀθανασίου καὶ Σπαγγοπούλῳ ἐν Πάτραις.

LEVANTE-LINIE
Γραμμὴ ταχεῖα μεταξὺ Πειραιῶς καὶ Νέας Ὑόρκης ἄνευ μεταφορτώσεων

Τὸ ἀτμόπλοιον «Θεσσαλία» ἀναχωρεῖ περὶ τὴν 7 Μαΐου διὰ Πάτρας, Γιβράλταρ, Μελίτην καὶ Νέαν Ὑόρκην δεχόμενον φορτία καὶ ἐπιβάτας. Κόμιστρα ἐπιβατῶν 3ης θέσεως 680. Πληροφορίαι παρὰ τῷ πράκτορι κ. Κων. Δ. Σχοραντίνῃ.

Μαγειρικὴ ἑλληνικὴ ὑπὸ 5 μαγείρων Ἑλλήνων ἐπὶ παντὸς πλοίου. Ἐμμ. Φραγκόπουλος

Πωλεῖται ἐν τῇ συνοικίᾳ τῆς Νεαπόλεως οἰκία μετὰ κήπου, ὁδὸς Ἱπποκράτους, πάροδος Καρύτσῃ ἀριθ. 12. Πληροφορίαι παρὰ τῷ κ. Χρήστῳ Ἀξίᾳ ὁδὸς Ἑρμοῦ ἀριθ. 168.

Πωλεῖται ἐν Πειραιεῖ οἰκία διώροφος ἐπὶ τῆς ὁδοῦ Ἀλκιβιάδου ἀριθ. 108 συνοικία Ἁγίου Κωνσταντίνου περιέχουσα 6 δωμάτια καὶ μαγειρεῖον. Πληροφορίαι παρ' ἡμῖν.
